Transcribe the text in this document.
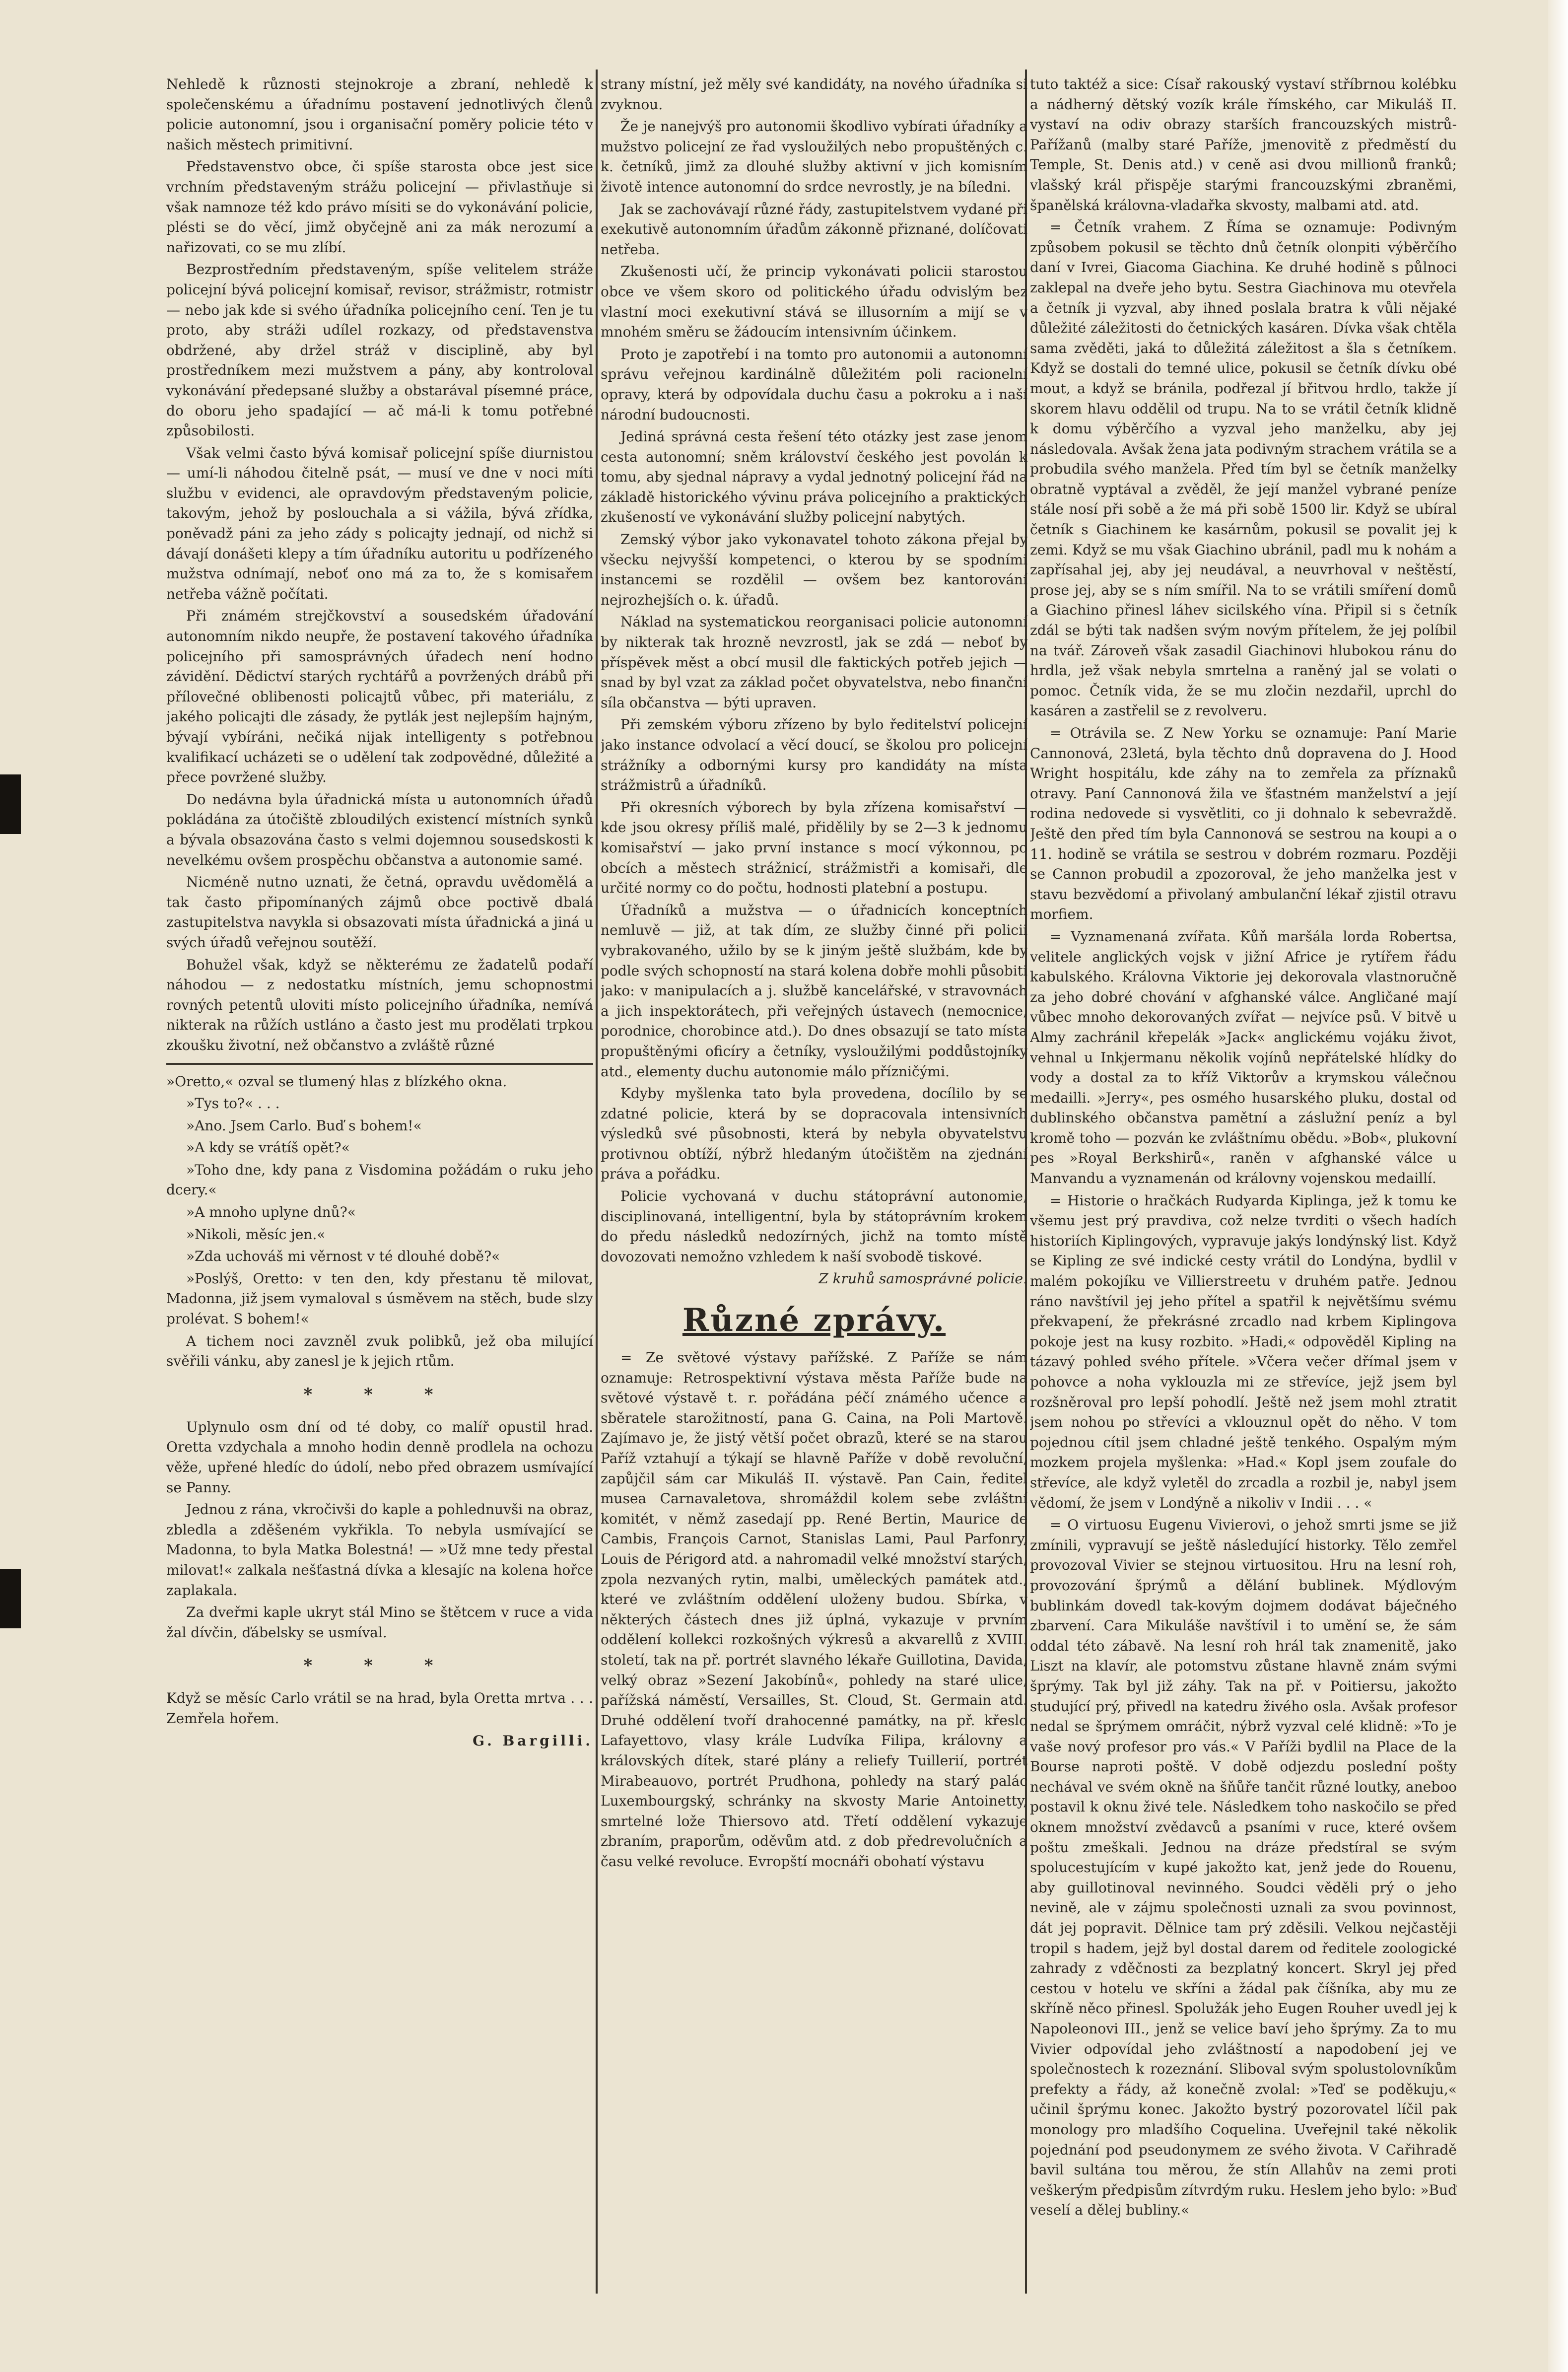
Nehledě k různosti stejnokroje a zbraní, nehledě k společenskému a úřadnímu postavení jednotlivých členů policie autonomní, jsou i organisační poměry policie této v našich městech primitivní.

Představenstvo obce, či spíše starosta obce jest sice vrchním představeným strážu policejní — přivlastňuje si však namnoze též kdo právo mísiti se do vykonávání policie, plésti se do věcí, jimž obyčejně ani za mák nerozumí a nařizovati, co se mu zlíbí.

Bezprostředním představeným, spíše velitelem stráže policejní bývá policejní komisař, revisor, strážmistr, rotmistr — nebo jak kde si svého úřadníka policejního cení. Ten je tu proto, aby stráži udílel rozkazy, od představenstva obdržené, aby držel stráž v disciplině, aby byl prostředníkem mezi mužstvem a pány, aby kontroloval vykonávání předepsané služby a obstarával písemné práce, do oboru jeho spadající — ač má-li k tomu potřebné způsobilosti.

Však velmi často bývá komisař policejní spíše diurnistou — umí-li náhodou čitelně psát, — musí ve dne v noci míti službu v evidenci, ale opravdovým představeným policie, takovým, jehož by poslouchala a si vážila, bývá zřídka, poněvadž páni za jeho zády s policajty jednají, od nichž si dávají donášeti klepy a tím úřadníku autoritu u podřízeného mužstva odnímají, neboť ono má za to, že s komisařem netřeba vážně počítati.

Při známém strejčkovství a sousedském úřadování autonomním nikdo neupře, že postavení takového úřadníka policejního při samosprávných úřadech není hodno závidění. Dědictví starých rychtářů a povržených drábů při přílovečné oblibenosti policajtů vůbec, při materiálu, z jakého policajti dle zásady, že pytlák jest nejlepším hajným, bývají vybíráni, nečiká nijak intelligenty s potřebnou kvalifikací ucházeti se o udělení tak zodpovědné, důležité a přece povržené služby.

Do nedávna byla úřadnická místa u autonomních úřadů pokládána za útočiště zbloudilých existencí místních synků a bývala obsazována často s velmi dojemnou sousedskosti k nevelkému ovšem prospěchu občanstva a autonomie samé.

Nicméně nutno uznati, že četná, opravdu uvědomělá a tak často připomínaných zájmů obce poctivě dbalá zastupitelstva navykla si obsazovati místa úřadnická a jiná u svých úřadů veřejnou soutěží.

Bohužel však, když se některému ze žadatelů podaří náhodou — z nedostatku místních, jemu schopnostmi rovných petentů uloviti místo policejního úřadníka, nemívá nikterak na růžích ustláno a často jest mu prodělati trpkou zkoušku životní, než občanstvo a zvláště různé

»Oretto,« ozval se tlumený hlas z blízkého okna.

»Tys to?« . . .

»Ano. Jsem Carlo. Buď s bohem!«

»A kdy se vrátíš opět?«

»Toho dne, kdy pana z Visdomina požádám o ruku jeho dcery.«

»A mnoho uplyne dnů?«

»Nikoli, měsíc jen.«

»Zda uchováš mi věrnost v té dlouhé době?«

»Poslýš, Oretto: v ten den, kdy přestanu tě milovat, Madonna, již jsem vymaloval s úsměvem na stěch, bude slzy prolévat. S bohem!«

A tichem noci zavzněl zvuk polibků, jež oba milující svěřili vánku, aby zanesl je k jejich rtům.

* * *

Uplynulo osm dní od té doby, co malíř opustil hrad. Oretta vzdychala a mnoho hodin denně prodlela na ochozu věže, upřené hledíc do údolí, nebo před obrazem usmívající se Panny.

Jednou z rána, vkročivši do kaple a pohlednuvši na obraz, zbledla a zděšeném vykřikla. To nebyla usmívající se Madonna, to byla Matka Bolestná! — »Už mne tedy přestal milovat!« zalkala nešťastná dívka a klesajíc na kolena hořce zaplakala.

Za dveřmi kaple ukryt stál Mino se štětcem v ruce a vida žal dívčin, ďábelsky se usmíval.

* * *

Když se měsíc Carlo vrátil se na hrad, byla Oretta mrtva . . . Zemřela hořem.

G. Bargilli.

strany místní, jež měly své kandidáty, na nového úřadníka si zvyknou.

Že je nanejvýš pro autonomii škodlivo vybírati úřadníky a mužstvo policejní ze řad vysloužilých nebo propuštěných c. k. četníků, jimž za dlouhé služby aktivní v jich komisním životě intence autonomní do srdce nevrostly, je na bíledni.

Jak se zachovávají různé řády, zastupitelstvem vydané při exekutivě autonomním úřadům zákonně přiznané, dolíčovati netřeba.

Zkušenosti učí, že princip vykonávati policii starostou obce ve všem skoro od politického úřadu odvislým bez vlastní moci exekutivní stává se illusorním a mijí se v mnohém směru se žádoucím intensivním účinkem.

Proto je zapotřebí i na tomto pro autonomii a autonomní správu veřejnou kardinálně důležitém poli racionelní opravy, která by odpovídala duchu času a pokroku a i naší národní budoucnosti.

Jediná správná cesta řešení této otázky jest zase jenom cesta autonomní; sněm království českého jest povolán k tomu, aby sjednal nápravy a vydal jednotný policejní řád na základě historického vývinu práva policejního a praktických zkušeností ve vykonávání služby policejní nabytých.

Zemský výbor jako vykonavatel tohoto zákona přejal by všecku nejvyšší kompetenci, o kterou by se spodními instancemi se rozdělil — ovšem bez kantorování nejrozhejších o. k. úřadů.

Náklad na systematickou reorganisaci policie autonomní by nikterak tak hrozně nevzrostl, jak se zdá — neboť by příspěvek měst a obcí musil dle faktických potřeb jejich — snad by byl vzat za základ počet obyvatelstva, nebo finanční síla občanstva — býti upraven.

Při zemském výboru zřízeno by bylo ředitelství policejní jako instance odvolací a věcí doucí, se školou pro policejní strážníky a odbornými kursy pro kandidáty na místa strážmistrů a úřadníků.

Při okresních výborech by byla zřízena komisařství — kde jsou okresy příliš malé, přidělily by se 2—3 k jednomu komisařství — jako první instance s mocí výkonnou, po obcích a městech strážnicí, strážmistři a komisaři, dle určité normy co do počtu, hodnosti platební a postupu.

Úřadníků a mužstva — o úřadnicích konceptních nemluvě — již, at tak dím, ze služby činné při policii vybrakovaného, užilo by se k jiným ještě službám, kde by podle svých schopností na stará kolena dobře mohli působiti jako: v manipulacích a j. službě kancelářské, v stravovnách a jich inspektorátech, při veřejných ústavech (nemocnice, porodnice, chorobince atd.). Do dnes obsazují se tato místa propuštěnými oficíry a četníky, vysloužilými poddůstojníky atd., elementy duchu autonomie málo přízničými.

Kdyby myšlenka tato byla provedena, docílilo by se zdatné policie, která by se dopracovala intensivních výsledků své působnosti, která by nebyla obyvatelstvu protivnou obtíží, nýbrž hledaným útočištěm na zjednání práva a pořádku.

Policie vychovaná v duchu státoprávní autonomie, disciplinovaná, intelligentní, byla by státoprávním krokem do předu následků nedozírných, jichž na tomto místě dovozovati nemožno vzhledem k naší svobodě tiskové.

Z kruhů samosprávné policie.

Různé zprávy.

= Ze světové výstavy pařížské. Z Paříže se nám oznamuje: Retrospektivní výstava města Paříže bude na světové výstavě t. r. pořádána péčí známého učence a sběratele starožitností, pana G. Caina, na Poli Martově. Zajímavo je, že jistý větší počet obrazů, které se na starou Paříž vztahují a týkají se hlavně Paříže v době revoluční, zapůjčil sám car Mikuláš II. výstavě. Pan Cain, ředitel musea Carnavaletova, shromáždil kolem sebe zvláštní komitét, v němž zasedají pp. René Bertin, Maurice de Cambis, François Carnot, Stanislas Lami, Paul Parfonry, Louis de Périgord atd. a nahromadil velké množství starých, zpola nezvaných rytin, malbi, uměleckých památek atd., které ve zvláštním oddělení uloženy budou. Sbírka, v některých částech dnes již úplná, vykazuje v prvním oddělení kollekci rozkošných výkresů a akvarellů z XVIII. století, tak na př. portrét slavného lékaře Guillotina, Davida, velký obraz »Sezení Jakobínů«, pohledy na staré ulice, pařížská náměstí, Versailles, St. Cloud, St. Germain atd. Druhé oddělení tvoří drahocenné památky, na př. křeslo Lafayettovo, vlasy krále Ludvíka Filipa, královny a královských dítek, staré plány a reliefy Tuillerií, portrét Mirabeauovo, portrét Prudhona, pohledy na starý palác Luxembourgský, schránky na skvosty Marie Antoinetty, smrtelné lože Thiersovo atd. Třetí oddělení vykazuje zbraním, praporům, oděvům atd. z dob předrevolučních a času velké revoluce. Evropští mocnáři obohatí výstavu

tuto taktéž a sice: Císař rakouský vystaví stříbrnou kolébku a nádherný dětský vozík krále římského, car Mikuláš II. vystaví na odiv obrazy starších francouzských mistrů-Pařížanů (malby staré Paříže, jmenovitě z předměstí du Temple, St. Denis atd.) v ceně asi dvou millionů franků; vlašský král přispěje starými francouzskými zbraněmi, španělská královna-vladařka skvosty, malbami atd. atd.

= Četník vrahem. Z Říma se oznamuje: Podivným způsobem pokusil se těchto dnů četník olonpiti výběrčího daní v Ivrei, Giacoma Giachina. Ke druhé hodině s půlnoci zaklepal na dveře jeho bytu. Sestra Giachinova mu otevřela a četník ji vyzval, aby ihned poslala bratra k vůli nějaké důležité záležitosti do četnických kasáren. Dívka však chtěla sama zvěděti, jaká to důležitá záležitost a šla s četníkem. Když se dostali do temné ulice, pokusil se četník dívku obé mout, a když se bránila, podřezal jí břitvou hrdlo, takže jí skorem hlavu oddělil od trupu. Na to se vrátil četník klidně k domu výběrčího a vyzval jeho manželku, aby jej následovala. Avšak žena jata podivným strachem vrátila se a probudila svého manžela. Před tím byl se četník manželky obratně vyptával a zvěděl, že její manžel vybrané peníze stále nosí při sobě a že má při sobě 1500 lir. Když se ubíral četník s Giachinem ke kasárnům, pokusil se povalit jej k zemi. Když se mu však Giachino ubránil, padl mu k nohám a zapřísahal jej, aby jej neudával, a neuvrhoval v neštěstí, prose jej, aby se s ním smířil. Na to se vrátili smíření domů a Giachino přinesl láhev sicilského vína. Připil si s četník zdál se býti tak nadšen svým novým přítelem, že jej políbil na tvář. Zároveň však zasadil Giachinovi hlubokou ránu do hrdla, jež však nebyla smrtelna a raněný jal se volati o pomoc. Četník vida, že se mu zločin nezdařil, uprchl do kasáren a zastřelil se z revolveru.

= Otrávila se. Z New Yorku se oznamuje: Paní Marie Cannonová, 23letá, byla těchto dnů dopravena do J. Hood Wright hospitálu, kde záhy na to zemřela za příznaků otravy. Paní Cannonová žila ve šťastném manželství a její rodina nedovede si vysvětliti, co ji dohnalo k sebevraždě. Ještě den před tím byla Cannonová se sestrou na koupi a o 11. hodině se vrátila se sestrou v dobrém rozmaru. Později se Cannon probudil a zpozoroval, že jeho manželka jest v stavu bezvědomí a přivolaný ambulanční lékař zjistil otravu morfiem.

= Vyznamenaná zvířata. Kůň maršála lorda Robertsa, velitele anglických vojsk v jižní Africe je rytířem řádu kabulského. Královna Viktorie jej dekorovala vlastnoručně za jeho dobré chování v afghanské válce. Angličané mají vůbec mnoho dekorovaných zvířat — nejvíce psů. V bitvě u Almy zachránil křepelák »Jack« anglickému vojáku život, vehnal u Inkjermanu několik vojínů nepřátelské hlídky do vody a dostal za to kříž Viktorův a krymskou válečnou medailli. »Jerry«, pes osmého husarského pluku, dostal od dublinského občanstva pamětní a záslužní peníz a byl kromě toho — pozván ke zvláštnímu obědu. »Bob«, plukovní pes »Royal Berkshirů«, raněn v afghanské válce u Manvandu a vyznamenán od královny vojenskou medaillí.

= Historie o hračkách Rudyarda Kiplinga, jež k tomu ke všemu jest prý pravdiva, což nelze tvrditi o všech hadích historiích Kiplingových, vypravuje jakýs londýnský list. Když se Kipling ze své indické cesty vrátil do Londýna, bydlil v malém pokojíku ve Villierstreetu v druhém patře. Jednou ráno navštívil jej jeho přítel a spatřil k největšímu svému překvapení, že překrásné zrcadlo nad krbem Kiplingova pokoje jest na kusy rozbito. »Hadi,« odpověděl Kipling na tázavý pohled svého přítele. »Včera večer dřímal jsem v pohovce a noha vyklouzla mi ze střevíce, jejž jsem byl rozšněroval pro lepší pohodlí. Ještě než jsem mohl ztratit jsem nohou po střevíci a vklouznul opět do něho. V tom pojednou cítil jsem chladné ještě tenkého. Ospalým mým mozkem projela myšlenka: »Had.« Kopl jsem zoufale do střevíce, ale když vyletěl do zrcadla a rozbil je, nabyl jsem vědomí, že jsem v Londýně a nikoliv v Indii . . . «

= O virtuosu Eugenu Vivierovi, o jehož smrti jsme se již zmínili, vypravují se ještě následující historky. Tělo zemřel provozoval Vivier se stejnou virtuositou. Hru na lesní roh, provozování šprýmů a dělání bublinek. Mýdlovým bublinkám dovedl tak-kovým dojmem dodávat báječného zbarvení. Cara Mikuláše navštívil i to umění se, že sám oddal této zábavě. Na lesní roh hrál tak znamenitě, jako Liszt na klavír, ale potomstvu zůstane hlavně znám svými šprýmy. Tak byl již záhy. Tak na př. v Poitiersu, jakožto studující prý, přivedl na katedru živého osla. Avšak profesor nedal se šprýmem omráčit, nýbrž vyzval celé klidně: »To je vaše nový profesor pro vás.« V Paříži bydlil na Place de la Bourse naproti poště. V době odjezdu poslední pošty nechával ve svém okně na šňůře tančit různé loutky, aneboo postavil k oknu živé tele. Následkem toho naskočilo se před oknem množství zvědavců a psaními v ruce, které ovšem poštu zmeškali. Jednou na dráze předstíral se svým spolucestujícím v kupé jakožto kat, jenž jede do Rouenu, aby guillotinoval nevinného. Soudci věděli prý o jeho nevině, ale v zájmu společnosti uznali za svou povinnost, dát jej popravit. Dělnice tam prý zděsili. Velkou nejčastěji tropil s hadem, jejž byl dostal darem od ředitele zoologické zahrady z vděčnosti za bezplatný koncert. Skryl jej před cestou v hotelu ve skříni a žádal pak číšníka, aby mu ze skříně něco přinesl. Spolužák jeho Eugen Rouher uvedl jej k Napoleonovi III., jenž se velice baví jeho šprýmy. Za to mu Vivier odpovídal jeho zvláštností a napodobení jej ve společnostech k rozeznání. Sliboval svým spolustolovníkům prefekty a řády, až konečně zvolal: »Teď se poděkuju,« učinil šprýmu konec. Jakožto bystrý pozorovatel líčil pak monology pro mladšího Coquelina. Uveřejnil také několik pojednání pod pseudonymem ze svého života. V Cařihradě bavil sultána tou měrou, že stín Allahův na zemi proti veškerým předpisům zítvrdým ruku. Heslem jeho bylo: »Buď veselí a dělej bubliny.«
